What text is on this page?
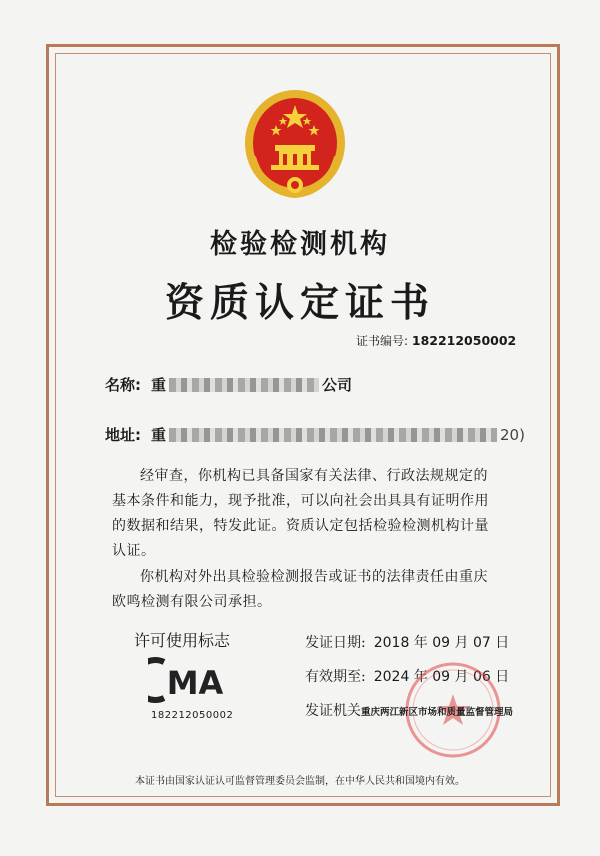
检验检测机构
资质认定证书
证书编号: 182212050002
名称: 重	公司
地址: 重	20)
经审查，你机构已具备国家有关法律、行政法规规定的基本条件和能力，现予批准，可以向社会出具具有证明作用的数据和结果，特发此证。资质认定包括检验检测机构计量认证。
你机构对外出具检验检测报告或证书的法律责任由重庆欧鸣检测有限公司承担。
许可使用标志
MA
182212050002
发证日期: 2018 年 09 月 07 日
有效期至: 2024 年 09 月 06 日
发证机关重庆两江新区市场和质量监督管理局
本证书由国家认证认可监督管理委员会监制，在中华人民共和国境内有效。
